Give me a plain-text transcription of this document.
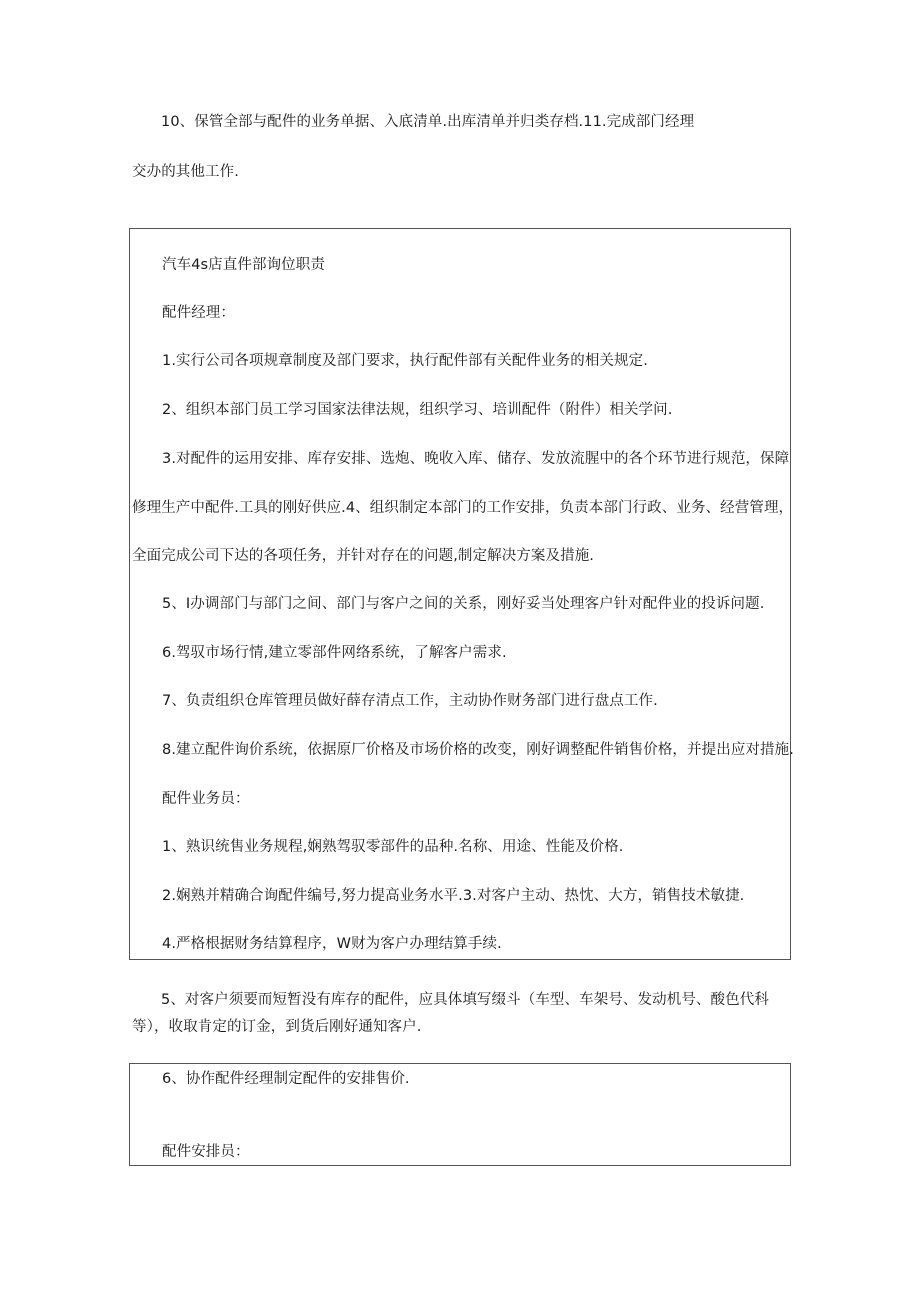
10、保管全部与配件的业务单据、入底清单.出库清单并归类存档.11.完成部门经理
交办的其他工作.
汽车4s店直件部询位职责
配件经理：
1.实行公司各项规章制度及部门要求，执行配件部有关配件业务的相关规定.
2、组织本部门员工学习国家法律法规，组织学习、培训配件（附件）相关学问.
3.对配件的运用安排、库存安排、选炮、晚收入库、储存、发放流腥中的各个环节进行规范，保障
修理生产中配件.工具的刚好供应.4、组织制定本部门的工作安排，负责本部门行政、业务、经营管理，
全面完成公司下达的各项任务，并针对存在的问题,制定解决方案及措施.
5、I办调部门与部门之间、部门与客户之间的关系，刚好妥当处理客户针对配件业的投诉问题.
6.驾驭市场行情,建立零部件网络系统，了解客户需求.
7、负责组织仓库管理员做好薛存清点工作，主动协作财务部门进行盘点工作.
8.建立配件询价系统，依据原厂价格及市场价格的改变，刚好调整配件销售价格，并提出应对措施.
配件业务员：
1、熟识统售业务规程,娴熟驾驭零部件的品种.名称、用途、性能及价格.
2.娴熟并精确合询配件编号,努力提高业务水平.3.对客户主动、热忱、大方，销售技术敏捷.
4.严格根据财务结算程序，W财为客户办理结算手续.
5、对客户须要而短暂没有库存的配件，应具体填写缀斗（车型、车架号、发动机号、酸色代科
等），收取肯定的订金，到货后刚好通知客户.
6、协作配件经理制定配件的安排售价.
配件安排员：
